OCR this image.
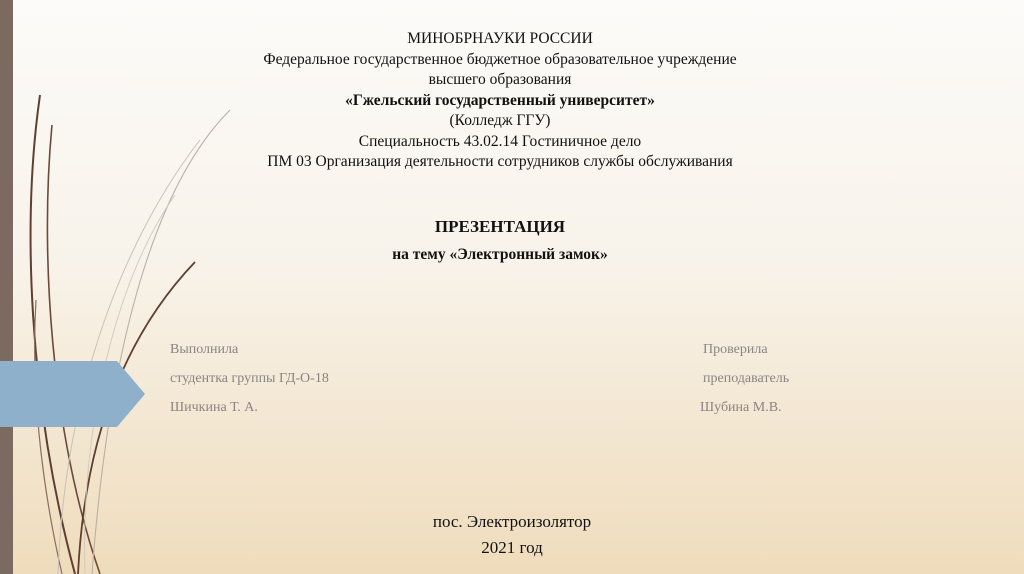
МИНОБРНАУКИ РОССИИ
Федеральное государственное бюджетное образовательное учреждение
высшего образования
«Гжельский государственный университет»
(Колледж ГГУ)
Специальность 43.02.14 Гостиничное дело
ПМ 03 Организация деятельности сотрудников службы обслуживания
ПРЕЗЕНТАЦИЯ
на тему «Электронный замок»
Выполнила
студентка группы ГД-О-18
Шичкина Т. А.
Проверила
преподаватель
Шубина М.В.
пос. Электроизолятор
2021 год
